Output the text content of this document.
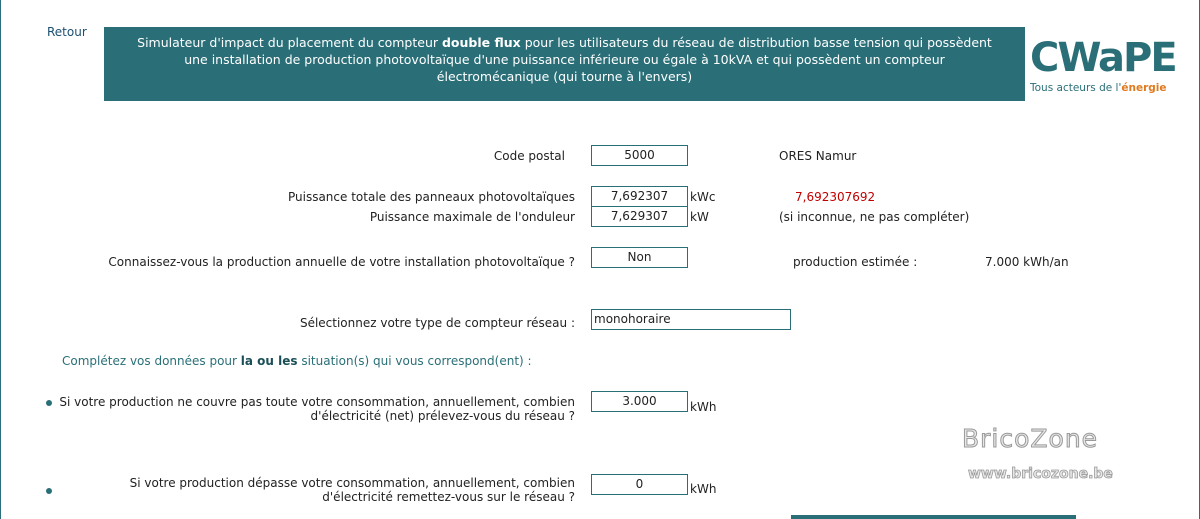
Retour
Simulateur d'impact du placement du compteur double flux pour les utilisateurs du réseau de distribution basse tension qui possèdent
une installation de production photovoltaïque d'une puissance inférieure ou égale à 10kVA et qui possèdent un compteur
électromécanique (qui tourne à l'envers)	CWaPE
Tous acteurs de l'énergie
Code postal	5000	ORES Namur
Puissance totale des panneaux photovoltaïques	7,692307	kWc	7,692307692
Puissance maximale de l'onduleur	7,629307	kW	(si inconnue, ne pas compléter)
Connaissez-vous la production annuelle de votre installation photovoltaïque ?	Non	production estimée :	7.000 kWh/an
Sélectionnez votre type de compteur réseau : monohoraire
Complétez vos données pour la ou les situation(s) qui vous correspond(ent) :
Si votre production ne couvre pas toute votre consommation, annuellement, combien
d'électricité (net) prélevez-vous du réseau ?
3.000	kWh
Si votre production dépasse votre consommation, annuellement, combien
d'électricité remettez-vous sur le réseau ?
0	kWh
BricoZone
www.bricozone.be
